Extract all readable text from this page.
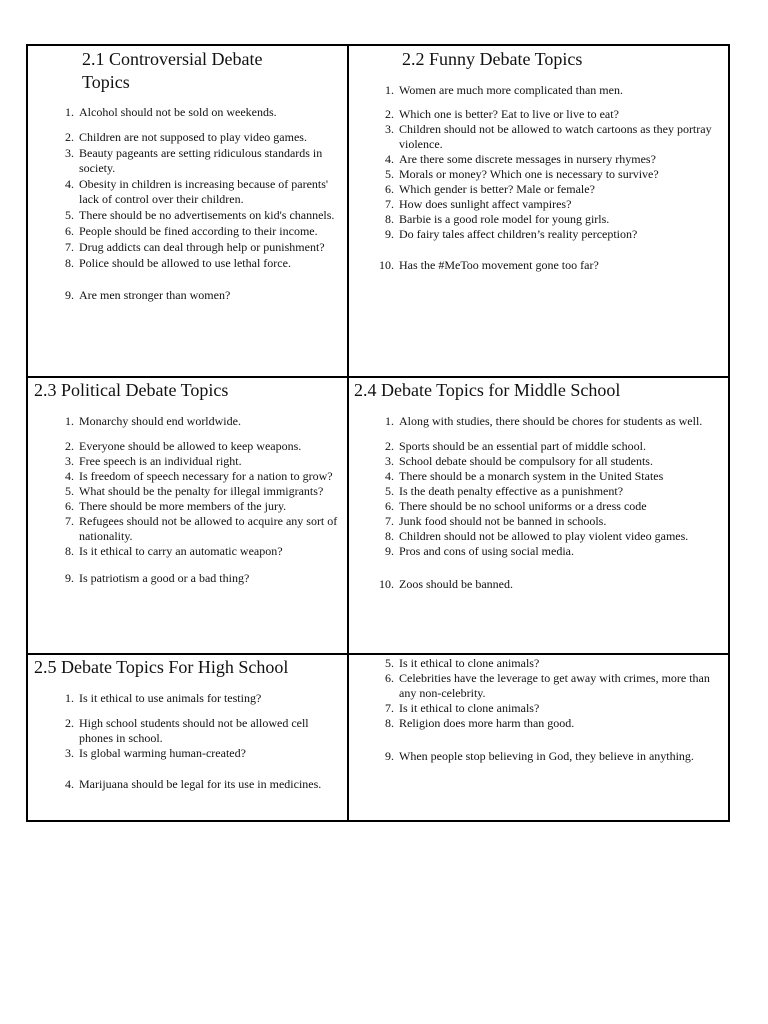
2.1 Controversial Debate Topics
1. Alcohol should not be sold on weekends.
2. Children are not supposed to play video games.
3. Beauty pageants are setting ridiculous standards in society.
4. Obesity in children is increasing because of parents' lack of control over their children.
5. There should be no advertisements on kid's channels.
6. People should be fined according to their income.
7. Drug addicts can deal through help or punishment?
8. Police should be allowed to use lethal force.
9. Are men stronger than women?
2.2 Funny Debate Topics
1. Women are much more complicated than men.
2. Which one is better? Eat to live or live to eat?
3. Children should not be allowed to watch cartoons as they portray violence.
4. Are there some discrete messages in nursery rhymes?
5. Morals or money? Which one is necessary to survive?
6. Which gender is better? Male or female?
7. How does sunlight affect vampires?
8. Barbie is a good role model for young girls.
9. Do fairy tales affect children’s reality perception?
10. Has the #MeToo movement gone too far?
2.3 Political Debate Topics
1. Monarchy should end worldwide.
2. Everyone should be allowed to keep weapons.
3. Free speech is an individual right.
4. Is freedom of speech necessary for a nation to grow?
5. What should be the penalty for illegal immigrants?
6. There should be more members of the jury.
7. Refugees should not be allowed to acquire any sort of nationality.
8. Is it ethical to carry an automatic weapon?
9. Is patriotism a good or a bad thing?
2.4 Debate Topics for Middle School
1. Along with studies, there should be chores for students as well.
2. Sports should be an essential part of middle school.
3. School debate should be compulsory for all students.
4. There should be a monarch system in the United States
5. Is the death penalty effective as a punishment?
6. There should be no school uniforms or a dress code
7. Junk food should not be banned in schools.
8. Children should not be allowed to play violent video games.
9. Pros and cons of using social media.
10. Zoos should be banned.
2.5 Debate Topics For High School
1. Is it ethical to use animals for testing?
2. High school students should not be allowed cell phones in school.
3. Is global warming human-created?
4. Marijuana should be legal for its use in medicines.
5. Is it ethical to clone animals?
6. Celebrities have the leverage to get away with crimes, more than any non-celebrity.
7. Is it ethical to clone animals?
8. Religion does more harm than good.
9. When people stop believing in God, they believe in anything.
